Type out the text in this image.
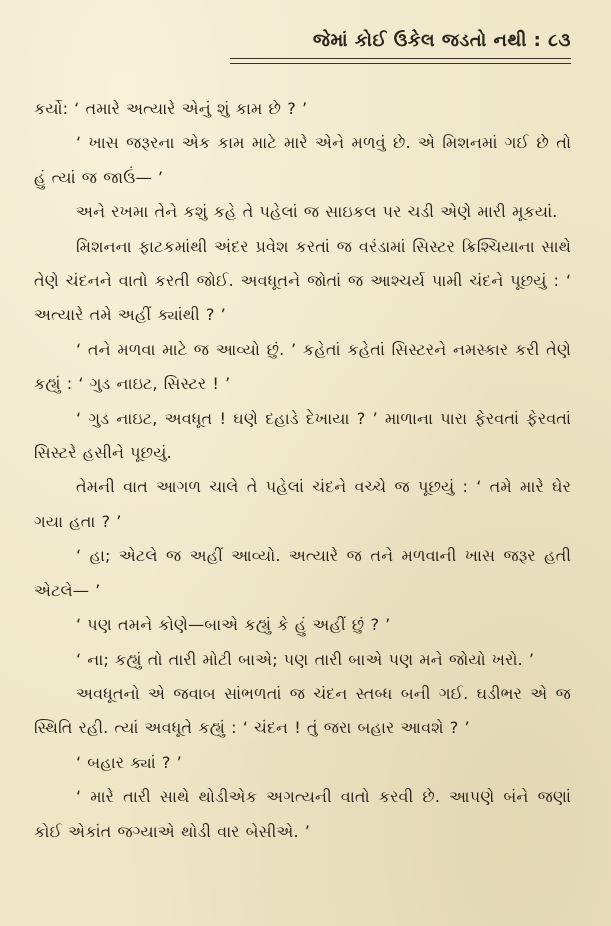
જેમાં કોઈ ઉકેલ જડતો નથી : ૮૩

કર્યો: ‘ તમારે અત્યારે એનું શું કામ છે ? ’

‘ ખાસ જરૂરના એક કામ માટે મારે એને મળવું છે. એ મિશનમાં ગઈ છે તો હું ત્યાં જ જાઉં— ’

અને રખમા તેને કશું કહે તે પહેલાં જ સાઇકલ પર ચડી એણે મારી મૂકયાં.

મિશનના ફાટકમાંથી અંદર પ્રવેશ કરતાં જ વરંડામાં સિસ્ટર ક્રિશ્ચિયાના સાથે તેણે ચંદનને વાતો કરતી જોઈ. અવધૂતને જોતાં જ આશ્ચર્ય પામી ચંદને પૂછયું : ‘ અત્યારે તમે અહીં ક્યાંથી ? ’

‘ તને મળવા માટે જ આવ્યો છું. ’ કહેતાં કહેતાં સિસ્ટરને નમસ્કાર કરી તેણે કહ્યું : ‘ ગુડ નાઇટ, સિસ્ટર ! ’

‘ ગુડ નાઇટ, અવધૂત ! ઘણે દહાડે દેખાયા ? ’ માળાના પારા ફેરવતાં ફેરવતાં સિસ્ટરે હસીને પૂછયું.

તેમની વાત આગળ ચાલે તે પહેલાં ચંદને વચ્ચે જ પૂછયું : ‘ તમે મારે ઘેર ગયા હતા ? ’

‘ હા; એટલે જ અહીં આવ્યો. અત્યારે જ તને મળવાની ખાસ જરૂર હતી એટલે— ’

‘ પણ તમને કોણે—બાએ કહ્યું કે હું અહીં છું ? ’

‘ ના; કહ્યું તો તારી મોટી બાએ; પણ તારી બાએ પણ મને જોયો ખરો. ’

અવધૂતનો એ જવાબ સાંભળતાં જ ચંદન સ્તબ્ધ બની ગઈ. ઘડીભર એ જ સ્થિતિ રહી. ત્યાં અવધૂતે કહ્યું : ‘ ચંદન ! તું જરા બહાર આવશે ? ’

‘ બહાર ક્યાં ? ’

‘ મારે તારી સાથે થોડીએક અગત્યની વાતો કરવી છે. આપણે બંને જણાં કોઈ એકાંત જગ્યાએ થોડી વાર બેસીએ. ’
